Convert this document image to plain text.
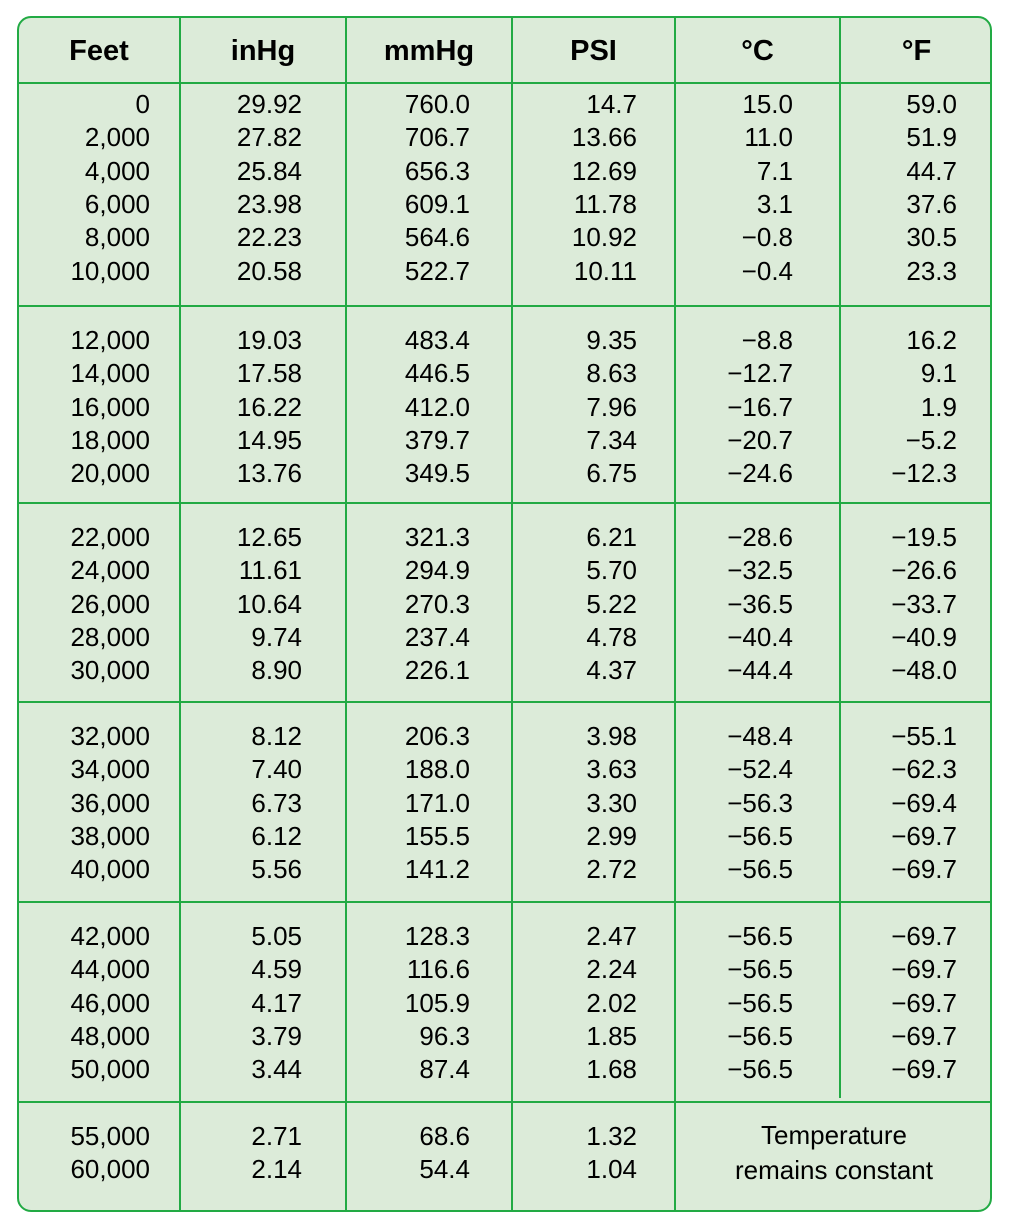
Feet	inHg	mmHg	PSI	°C	°F
0	29.92	760.0	14.7	15.0	59.0
2,000	27.82	706.7	13.66	11.0	51.9
4,000	25.84	656.3	12.69	7.1	44.7
6,000	23.98	609.1	11.78	3.1	37.6
8,000	22.23	564.6	10.92	−0.8	30.5
10,000	20.58	522.7	10.11	−0.4	23.3
12,000	19.03	483.4	9.35	−8.8	16.2
14,000	17.58	446.5	8.63	−12.7	9.1
16,000	16.22	412.0	7.96	−16.7	1.9
18,000	14.95	379.7	7.34	−20.7	−5.2
20,000	13.76	349.5	6.75	−24.6	−12.3
22,000	12.65	321.3	6.21	−28.6	−19.5
24,000	11.61	294.9	5.70	−32.5	−26.6
26,000	10.64	270.3	5.22	−36.5	−33.7
28,000	9.74	237.4	4.78	−40.4	−40.9
30,000	8.90	226.1	4.37	−44.4	−48.0
32,000	8.12	206.3	3.98	−48.4	−55.1
34,000	7.40	188.0	3.63	−52.4	−62.3
36,000	6.73	171.0	3.30	−56.3	−69.4
38,000	6.12	155.5	2.99	−56.5	−69.7
40,000	5.56	141.2	2.72	−56.5	−69.7
42,000	5.05	128.3	2.47	−56.5	−69.7
44,000	4.59	116.6	2.24	−56.5	−69.7
46,000	4.17	105.9	2.02	−56.5	−69.7
48,000	3.79	96.3	1.85	−56.5	−69.7
50,000	3.44	87.4	1.68	−56.5	−69.7
55,000	2.71	68.6	1.32
60,000	2.14	54.4	1.04
Temperature
remains constant
